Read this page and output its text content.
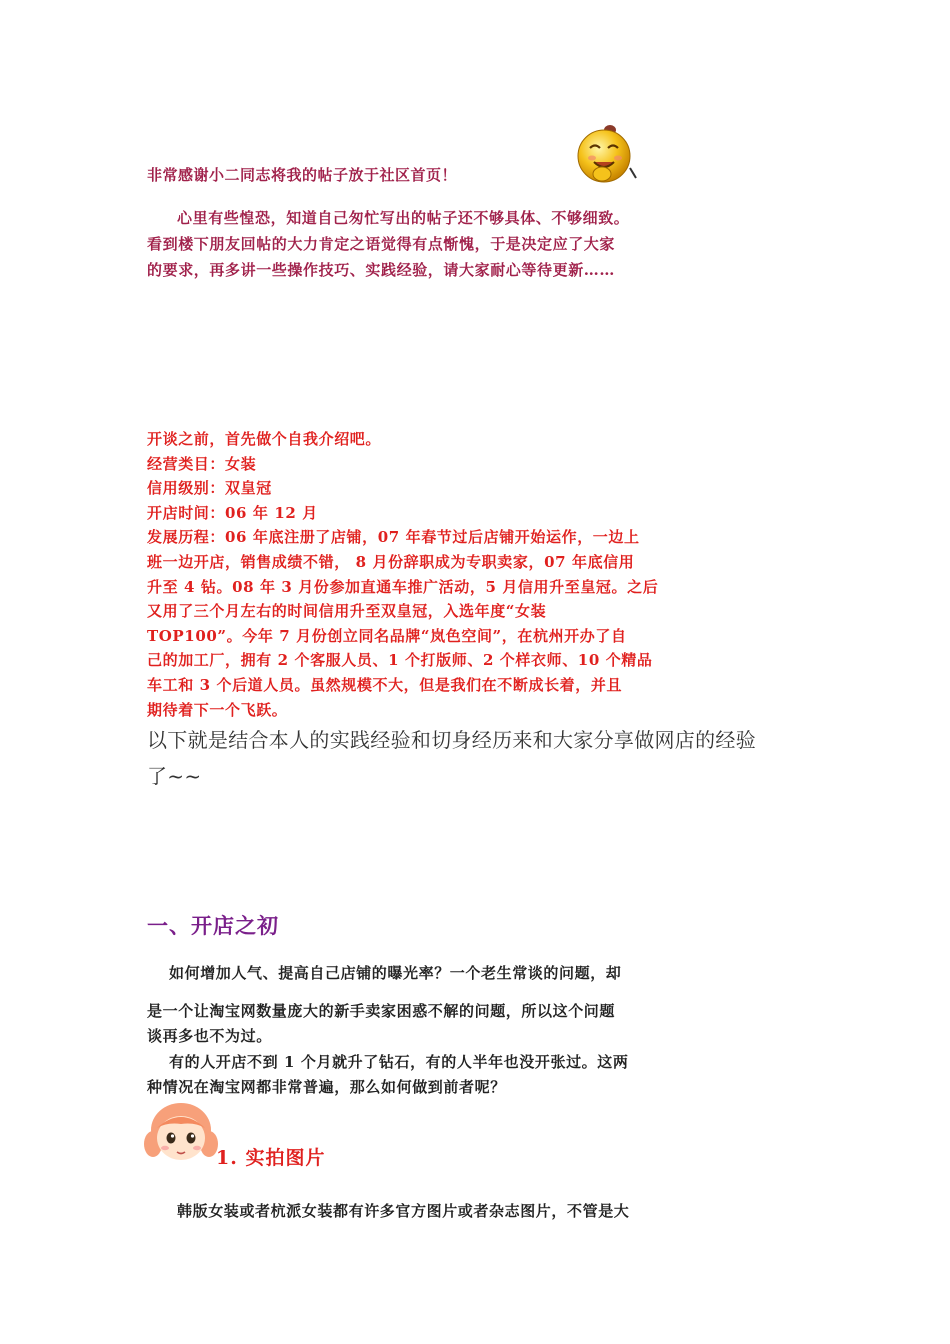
非常感谢小二同志将我的帖子放于社区首页！
心里有些惶恐，知道自己匆忙写出的帖子还不够具体、不够细致。
看到楼下朋友回帖的大力肯定之语觉得有点惭愧，于是决定应了大家
的要求，再多讲一些操作技巧、实践经验，请大家耐心等待更新……
开谈之前，首先做个自我介绍吧。
经营类目：女装
信用级别：双皇冠
开店时间：06 年 12 月
发展历程：06 年底注册了店铺，07 年春节过后店铺开始运作，一边上
班一边开店，销售成绩不错， 8 月份辞职成为专职卖家，07 年底信用
升至 4 钻。08 年 3 月份参加直通车推广活动，5 月信用升至皇冠。之后
又用了三个月左右的时间信用升至双皇冠，入选年度“女装
TOP100”。今年 7 月份创立同名品牌“岚色空间”，在杭州开办了自
己的加工厂，拥有 2 个客服人员、1 个打版师、2 个样衣师、10 个精品
车工和 3 个后道人员。虽然规模不大，但是我们在不断成长着，并且
期待着下一个飞跃。
以下就是结合本人的实践经验和切身经历来和大家分享做网店的经验
了~~
一、开店之初
如何增加人气、提高自己店铺的曝光率？一个老生常谈的问题，却
是一个让淘宝网数量庞大的新手卖家困惑不解的问题，所以这个问题
谈再多也不为过。
有的人开店不到 1 个月就升了钻石，有的人半年也没开张过。这两
种情况在淘宝网都非常普遍，那么如何做到前者呢？
1. 实拍图片
韩版女装或者杭派女装都有许多官方图片或者杂志图片，不管是大
